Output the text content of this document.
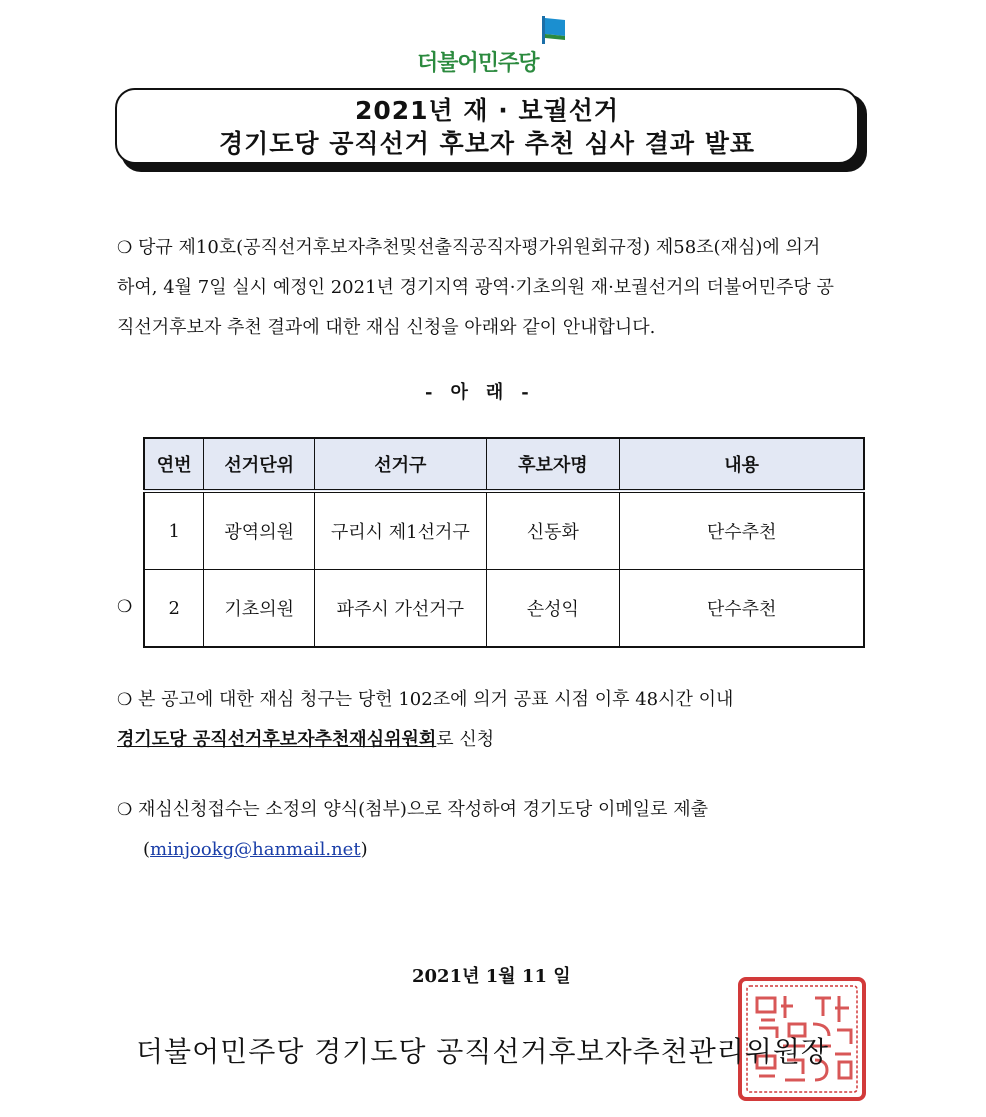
더불어민주당
2021년 재 · 보궐선거
경기도당 공직선거 후보자 추천 심사 결과 발표
❍ 당규 제10호(공직선거후보자추천및선출직공직자평가위원회규정) 제58조(재심)에 의거
하여, 4월 7일 실시 예정인 2021년 경기지역 광역·기초의원 재·보궐선거의 더불어민주당 공
직선거후보자 추천 결과에 대한 재심 신청을 아래와 같이 안내합니다.
-　아　래　-
❍
연번	선거단위	선거구	후보자명	내용
1	광역의원	구리시 제1선거구	신동화	단수추천
2	기초의원	파주시 가선거구	손성익	단수추천
❍ 본 공고에 대한 재심 청구는 당헌 102조에 의거 공표 시점 이후 48시간 이내
경기도당 공직선거후보자추천재심위원회로 신청
❍ 재심신청접수는 소정의 양식(첨부)으로 작성하여 경기도당 이메일로 제출
(minjookg@hanmail.net)
2021년 1월 11 일
더불어민주당 경기도당 공직선거후보자추천관리위원장
